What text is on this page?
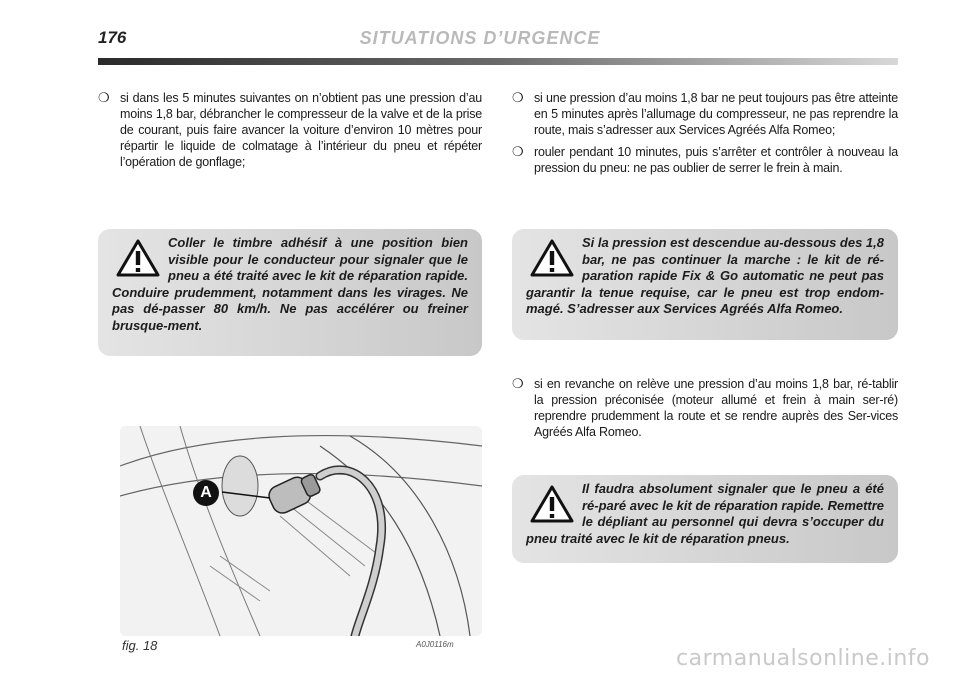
176	SITUATIONS D’URGENCE
❍ si dans les 5 minutes suivantes on n’obtient pas une pression d’au moins 1,8 bar, débrancher le compresseur de la valve et de la prise de courant, puis faire avancer la voiture d’environ 10 mètres pour répartir le liquide de colmatage à l’intérieur du pneu et répéter l’opération de gonflage;
Coller le timbre adhésif à une position bien visible pour le conducteur pour signaler que le pneu a été traité avec le kit de réparation rapide. Conduire prudemment, notamment dans les virages. Ne pas dé-passer 80 km/h. Ne pas accélérer ou freiner brusque-ment.
A
fig. 18	A0J0116m
❍ si une pression d’au moins 1,8 bar ne peut toujours pas être atteinte en 5 minutes après l’allumage du compresseur, ne pas reprendre la route, mais s’adresser aux Services Agréés Alfa Romeo;
❍ rouler pendant 10 minutes, puis s’arrêter et contrôler à nouveau la pression du pneu: ne pas oublier de serrer le frein à main.
Si la pression est descendue au-dessous des 1,8 bar, ne pas continuer la marche : le kit de ré-paration rapide Fix & Go automatic ne peut pas garantir la tenue requise, car le pneu est trop endom-magé. S’adresser aux Services Agréés Alfa Romeo.
❍ si en revanche on relève une pression d’au moins 1,8 bar, ré-tablir la pression préconisée (moteur allumé et frein à main ser-ré) reprendre prudemment la route et se rendre auprès des Ser-vices Agréés Alfa Romeo.
Il faudra absolument signaler que le pneu a été ré-paré avec le kit de réparation rapide. Remettre le dépliant au personnel qui devra s’occuper du pneu traité avec le kit de réparation pneus.
carmanualsonline.info
